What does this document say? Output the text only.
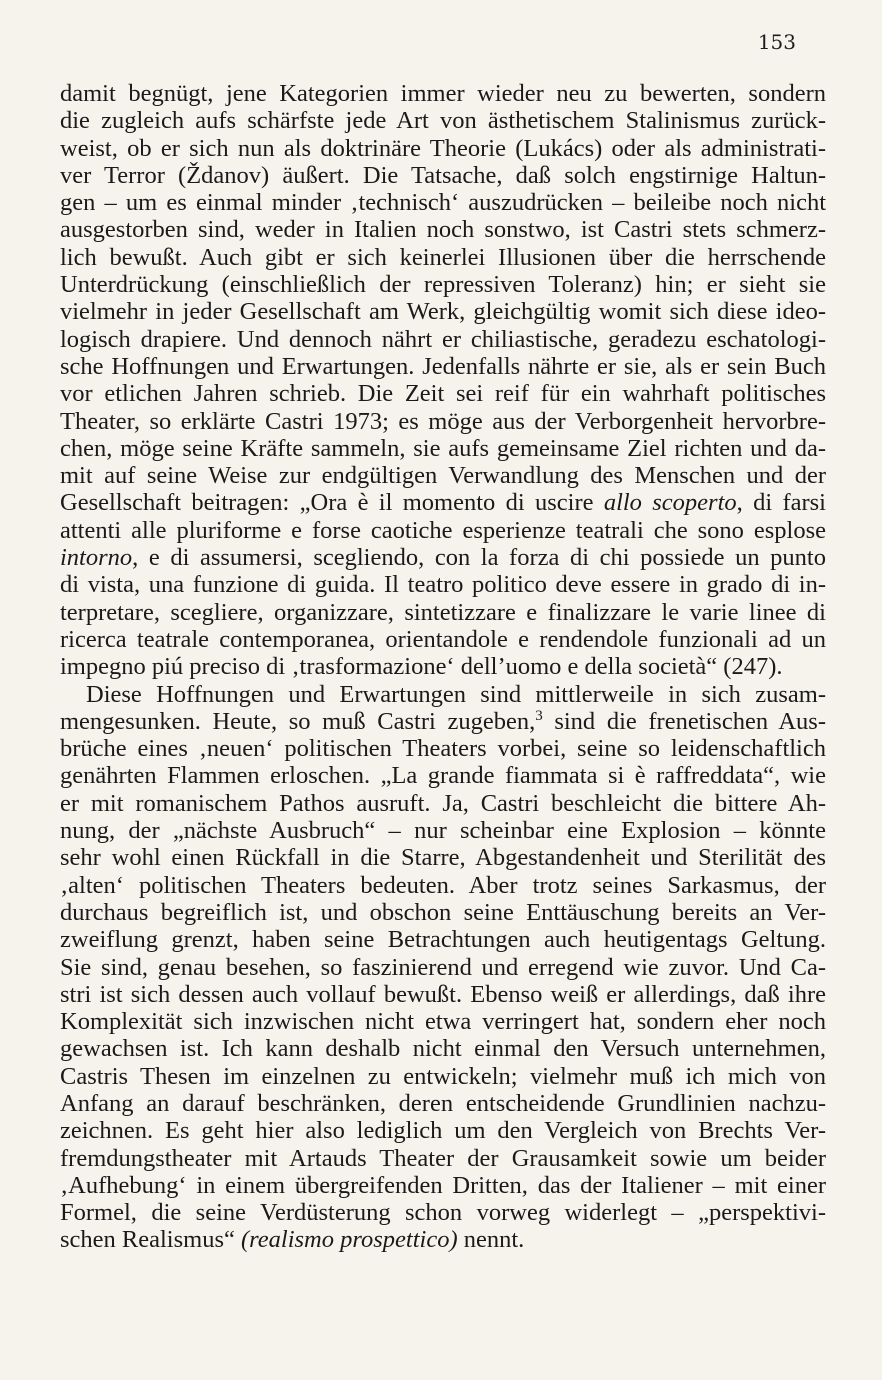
153
damit begnügt, jene Kategorien immer wieder neu zu bewerten, sondern
die zugleich aufs schärfste jede Art von ästhetischem Stalinismus zurück-
weist, ob er sich nun als doktrinäre Theorie (Lukács) oder als administrati-
ver Terror (Ždanov) äußert. Die Tatsache, daß solch engstirnige Haltun-
gen – um es einmal minder ‚technisch‘ auszudrücken – beileibe noch nicht
ausgestorben sind, weder in Italien noch sonstwo, ist Castri stets schmerz-
lich bewußt. Auch gibt er sich keinerlei Illusionen über die herrschende
Unterdrückung (einschließlich der repressiven Toleranz) hin; er sieht sie
vielmehr in jeder Gesellschaft am Werk, gleichgültig womit sich diese ideo-
logisch drapiere. Und dennoch nährt er chiliastische, geradezu eschatologi-
sche Hoffnungen und Erwartungen. Jedenfalls nährte er sie, als er sein Buch
vor etlichen Jahren schrieb. Die Zeit sei reif für ein wahrhaft politisches
Theater, so erklärte Castri 1973; es möge aus der Verborgenheit hervorbre-
chen, möge seine Kräfte sammeln, sie aufs gemeinsame Ziel richten und da-
mit auf seine Weise zur endgültigen Verwandlung des Menschen und der
Gesellschaft beitragen: „Ora è il momento di uscire allo scoperto, di farsi
attenti alle pluriforme e forse caotiche esperienze teatrali che sono esplose
intorno, e di assumersi, scegliendo, con la forza di chi possiede un punto
di vista, una funzione di guida. Il teatro politico deve essere in grado di in-
terpretare, scegliere, organizzare, sintetizzare e finalizzare le varie linee di
ricerca teatrale contemporanea, orientandole e rendendole funzionali ad un
impegno piú preciso di ‚trasformazione‘ dell’uomo e della società“ (247).
Diese Hoffnungen und Erwartungen sind mittlerweile in sich zusam-
mengesunken. Heute, so muß Castri zugeben,$^3$ sind die frenetischen Aus-
brüche eines ‚neuen‘ politischen Theaters vorbei, seine so leidenschaftlich
genährten Flammen erloschen. „La grande fiammata si è raffreddata“, wie
er mit romanischem Pathos ausruft. Ja, Castri beschleicht die bittere Ah-
nung, der „nächste Ausbruch“ – nur scheinbar eine Explosion – könnte
sehr wohl einen Rückfall in die Starre, Abgestandenheit und Sterilität des
‚alten‘ politischen Theaters bedeuten. Aber trotz seines Sarkasmus, der
durchaus begreiflich ist, und obschon seine Enttäuschung bereits an Ver-
zweiflung grenzt, haben seine Betrachtungen auch heutigentags Geltung.
Sie sind, genau besehen, so faszinierend und erregend wie zuvor. Und Ca-
stri ist sich dessen auch vollauf bewußt. Ebenso weiß er allerdings, daß ihre
Komplexität sich inzwischen nicht etwa verringert hat, sondern eher noch
gewachsen ist. Ich kann deshalb nicht einmal den Versuch unternehmen,
Castris Thesen im einzelnen zu entwickeln; vielmehr muß ich mich von
Anfang an darauf beschränken, deren entscheidende Grundlinien nachzu-
zeichnen. Es geht hier also lediglich um den Vergleich von Brechts Ver-
fremdungstheater mit Artauds Theater der Grausamkeit sowie um beider
‚Aufhebung‘ in einem übergreifenden Dritten, das der Italiener – mit einer
Formel, die seine Verdüsterung schon vorweg widerlegt – „perspektivi-
schen Realismus“ (realismo prospettico) nennt.
